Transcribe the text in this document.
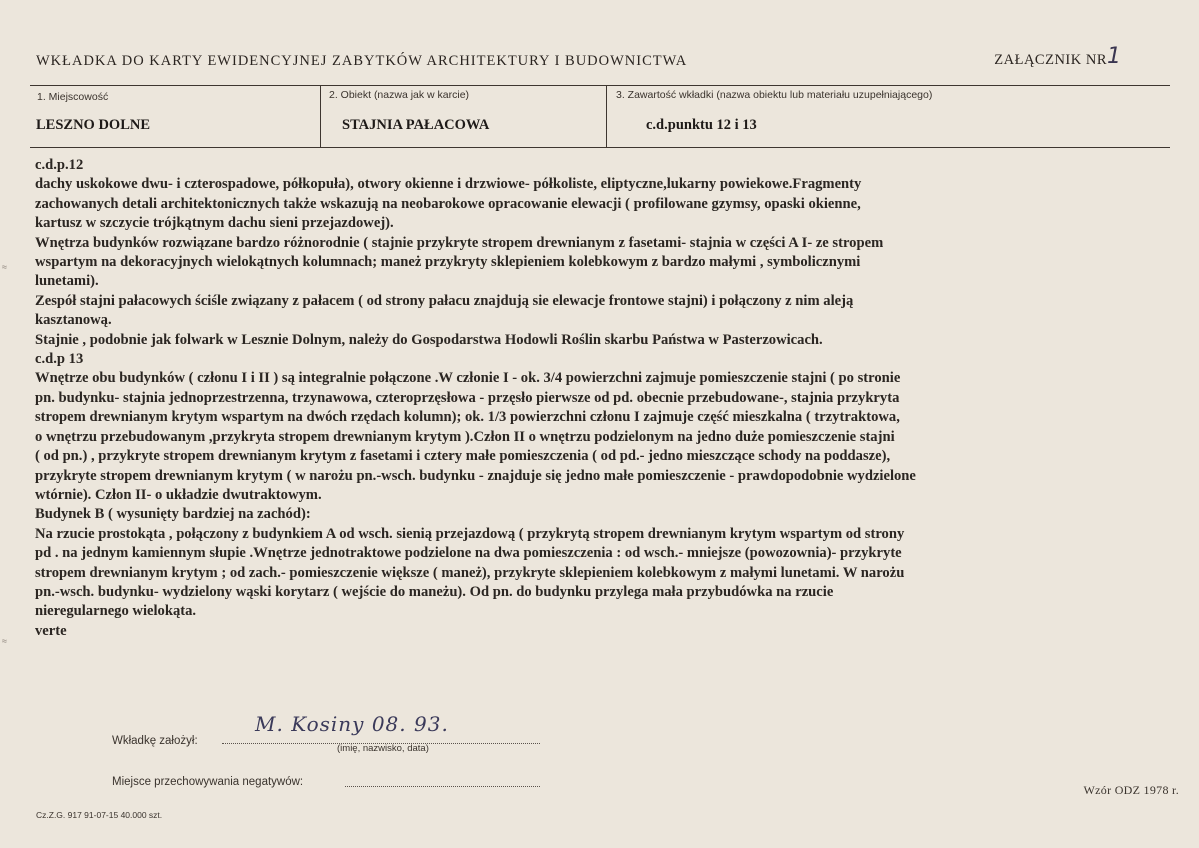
WKŁADKA DO KARTY EWIDENCYJNEJ ZABYTKÓW ARCHITEKTURY I BUDOWNICTWA	ZAŁĄCZNIK NR 1
1. Miejscowość
LESZNO DOLNE
2. Obiekt (nazwa jak w karcie)
STAJNIA PAŁACOWA
3. Zawartość wkładki (nazwa obiektu lub materiału uzupełniającego)
c.d.punktu 12 i 13

c.d.p.12

dachy uskokowe dwu- i czterospadowe, półkopuła), otwory okienne i drzwiowe- półkoliste, eliptyczne,lukarny powiekowe.Fragmenty

zachowanych detali architektonicznych także wskazują na neobarokowe opracowanie elewacji ( profilowane gzymsy, opaski okienne,

kartusz w szczycie trójkątnym dachu sieni przejazdowej).

Wnętrza budynków rozwiązane bardzo różnorodnie ( stajnie przykryte stropem drewnianym z fasetami- stajnia w części A I- ze stropem

wspartym na dekoracyjnych wielokątnych kolumnach; maneż przykryty sklepieniem kolebkowym z bardzo małymi , symbolicznymi

lunetami).

Zespół stajni pałacowych ściśle związany z pałacem ( od strony pałacu znajdują sie elewacje frontowe stajni) i połączony z nim aleją

kasztanową.

Stajnie , podobnie jak folwark w Lesznie Dolnym, należy do Gospodarstwa Hodowli Roślin skarbu Państwa w Pasterzowicach.

c.d.p 13

Wnętrze obu budynków ( członu I i II ) są integralnie połączone .W członie I - ok. 3/4 powierzchni zajmuje pomieszczenie stajni ( po stronie

pn. budynku- stajnia jednoprzestrzenna, trzynawowa, czteroprzęsłowa - przęsło pierwsze od pd. obecnie przebudowane-, stajnia przykryta

stropem drewnianym krytym wspartym na dwóch rzędach kolumn); ok. 1/3 powierzchni członu I zajmuje część mieszkalna ( trzytraktowa,

o wnętrzu przebudowanym ,przykryta stropem drewnianym krytym ).Człon II o wnętrzu podzielonym na jedno duże pomieszczenie stajni

( od pn.) , przykryte stropem drewnianym krytym z fasetami i cztery małe pomieszczenia ( od pd.- jedno mieszczące schody na poddasze),

przykryte stropem drewnianym krytym ( w narożu pn.-wsch. budynku - znajduje się jedno małe pomieszczenie - prawdopodobnie wydzielone

wtórnie). Człon II- o układzie dwutraktowym.

Budynek B ( wysunięty bardziej na zachód):

Na rzucie prostokąta , połączony z budynkiem A od wsch. sienią przejazdową ( przykrytą stropem drewnianym krytym wspartym od strony

pd . na jednym kamiennym słupie .Wnętrze jednotraktowe podzielone na dwa pomieszczenia : od wsch.- mniejsze (powozownia)- przykryte

stropem drewnianym krytym ; od zach.- pomieszczenie większe ( maneż), przykryte sklepieniem kolebkowym z małymi lunetami. W narożu

pn.-wsch. budynku- wydzielony wąski korytarz ( wejście do maneżu). Od pn. do budynku przylega mała przybudówka na rzucie

nieregularnego wielokąta.

verte

Wkładkę założył:
M. Kosiny 08. 93.
(imię, nazwisko, data)
Miejsce przechowywania negatywów:
Cz.Z.G. 917 91-07-15 40.000 szt.
Wzór ODZ 1978 r.
≈
≈
